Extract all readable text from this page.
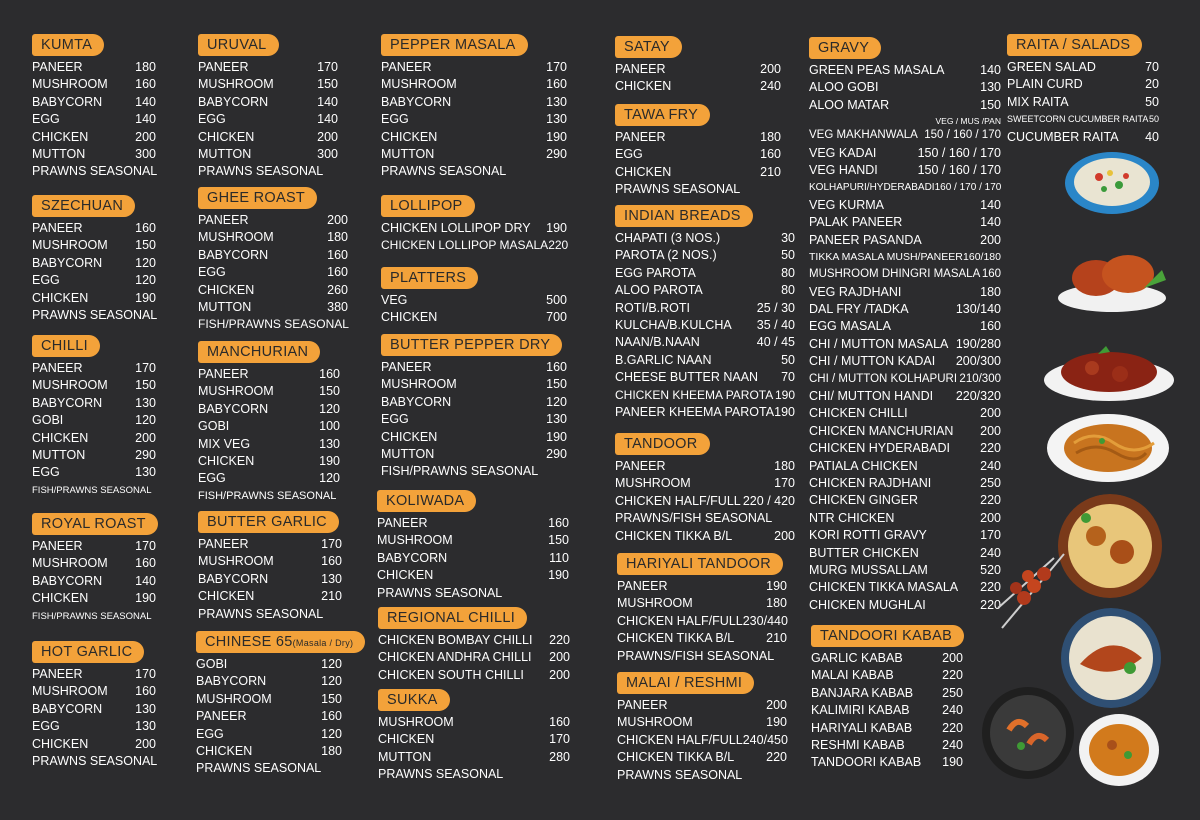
KUMTA
PANEER	180
MUSHROOM 160
BABYCORN	140
EGG	140
CHICKEN	200
MUTTON	300
PRAWNS SEASONAL
SZECHUAN
PANEER	160
MUSHROOM 150
BABYCORN	120
EGG	120
CHICKEN	190
PRAWNS SEASONAL
CHILLI
PANEER	170
MUSHROOM 150
BABYCORN	130
GOBI	120
CHICKEN	200
MUTTON	290
EGG	130
FISH/PRAWNS SEASONAL
ROYAL ROAST
PANEER	170
MUSHROOM 160
BABYCORN	140
CHICKEN	190
FISH/PRAWNS SEASONAL
HOT GARLIC
PANEER	170
MUSHROOM 160
BABYCORN	130
EGG	130
CHICKEN	200
PRAWNS SEASONAL
URUVAL
PANEER	170
MUSHROOM	150
BABYCORN	140
EGG	140
CHICKEN	200
MUTTON	300
PRAWNS SEASONAL
GHEE ROAST
PANEER	200
MUSHROOM	180
BABYCORN	160
EGG	160
CHICKEN	260
MUTTON	380
FISH/PRAWNS SEASONAL
MANCHURIAN
PANEER	160
MUSHROOM	150
BABYCORN	120
GOBI	100
MIX VEG	130
CHICKEN	190
EGG	120
FISH/PRAWNS SEASONAL
BUTTER GARLIC
PANEER	170
MUSHROOM	160
BABYCORN	130
CHICKEN	210
PRAWNS SEASONAL
CHINESE 65(Masala / Dry)
GOBI	120
BABYCORN	120
MUSHROOM	150
PANEER	160
EGG	120
CHICKEN	180
PRAWNS SEASONAL
PEPPER MASALA
PANEER	170
MUSHROOM	160
BABYCORN	130
EGG	130
CHICKEN	190
MUTTON	290
PRAWNS SEASONAL
LOLLIPOP
CHICKEN LOLLIPOP DRY 190
CHICKEN LOLLIPOP MASALA 220
PLATTERS
VEG	500
CHICKEN	700
BUTTER PEPPER DRY
PANEER	160
MUSHROOM	150
BABYCORN	120
EGG	130
CHICKEN	190
MUTTON	290
FISH/PRAWNS SEASONAL
KOLIWADA
PANEER	160
MUSHROOM	150
BABYCORN	110
CHICKEN	190
PRAWNS SEASONAL
REGIONAL CHILLI
CHICKEN BOMBAY CHILLI 220
CHICKEN ANDHRA CHILLI 200
CHICKEN SOUTH CHILLI 200
SUKKA
MUSHROOM	160
CHICKEN	170
MUTTON	280
PRAWNS SEASONAL
SATAY
PANEER	200
CHICKEN	240
TAWA FRY
PANEER	180
EGG	160
CHICKEN	210
PRAWNS SEASONAL
INDIAN BREADS
CHAPATI (3 NOS.)	30
PAROTA (2 NOS.)	50
EGG PAROTA	80
ALOO PAROTA	80
ROTI/B.ROTI	25 / 30
KULCHA/B.KULCHA 35 / 40
NAAN/B.NAAN	40 / 45
B.GARLIC NAAN	50
CHEESE BUTTER NAAN 70
CHICKEN KHEEMA PAROTA 190
PANEER KHEEMA PAROTA 190
TANDOOR
PANEER	180
MUSHROOM	170
CHICKEN HALF/FULL 220 / 420
PRAWNS/FISH SEASONAL
CHICKEN TIKKA B/L	200
HARIYALI TANDOOR
PANEER	190
MUSHROOM	180
CHICKEN HALF/FULL 230/440
CHICKEN TIKKA B/L	210
PRAWNS/FISH SEASONAL
MALAI / RESHMI
PANEER	200
MUSHROOM	190
CHICKEN HALF/FULL 240/450
CHICKEN TIKKA B/L	220
PRAWNS SEASONAL
GRAVY
GREEN PEAS MASALA	140
ALOO GOBI	130
ALOO MATAR	150
VEG / MUS /PAN
VEG MAKHANWALA 150 / 160 / 170
VEG KADAI	150 / 160 / 170
VEG HANDI	150 / 160 / 170
KOLHAPURI/HYDERABADI 160 / 170 / 170
VEG KURMA	140
PALAK PANEER	140
PANEER PASANDA	200
TIKKA MASALA MUSH/PANEER 160/180
MUSHROOM DHINGRI MASALA 160
VEG RAJDHANI	180
DAL FRY /TADKA	130/140
EGG MASALA	160
CHI / MUTTON MASALA 190/280
CHI / MUTTON KADAI 200/300
CHI / MUTTON KOLHAPURI 210/300
CHI/ MUTTON HANDI 220/320
CHICKEN CHILLI	200
CHICKEN MANCHURIAN 200
CHICKEN HYDERABADI 220
PATIALA CHICKEN	240
CHICKEN RAJDHANI	250
CHICKEN GINGER	220
NTR CHICKEN	200
KORI ROTTI GRAVY	170
BUTTER CHICKEN	240
MURG MUSSALLAM	520
CHICKEN TIKKA MASALA 220
CHICKEN MUGHLAI	220
TANDOORI KABAB
GARLIC KABAB	200
MALAI KABAB	220
BANJARA KABAB 250
KALIMIRI KABAB	240
HARIYALI KABAB 220
RESHMI KABAB	240
TANDOORI KABAB 190
RAITA / SALADS
GREEN SALAD	70
PLAIN CURD	20
MIX RAITA	50
SWEETCORN CUCUMBER RAITA 50
CUCUMBER RAITA 40
